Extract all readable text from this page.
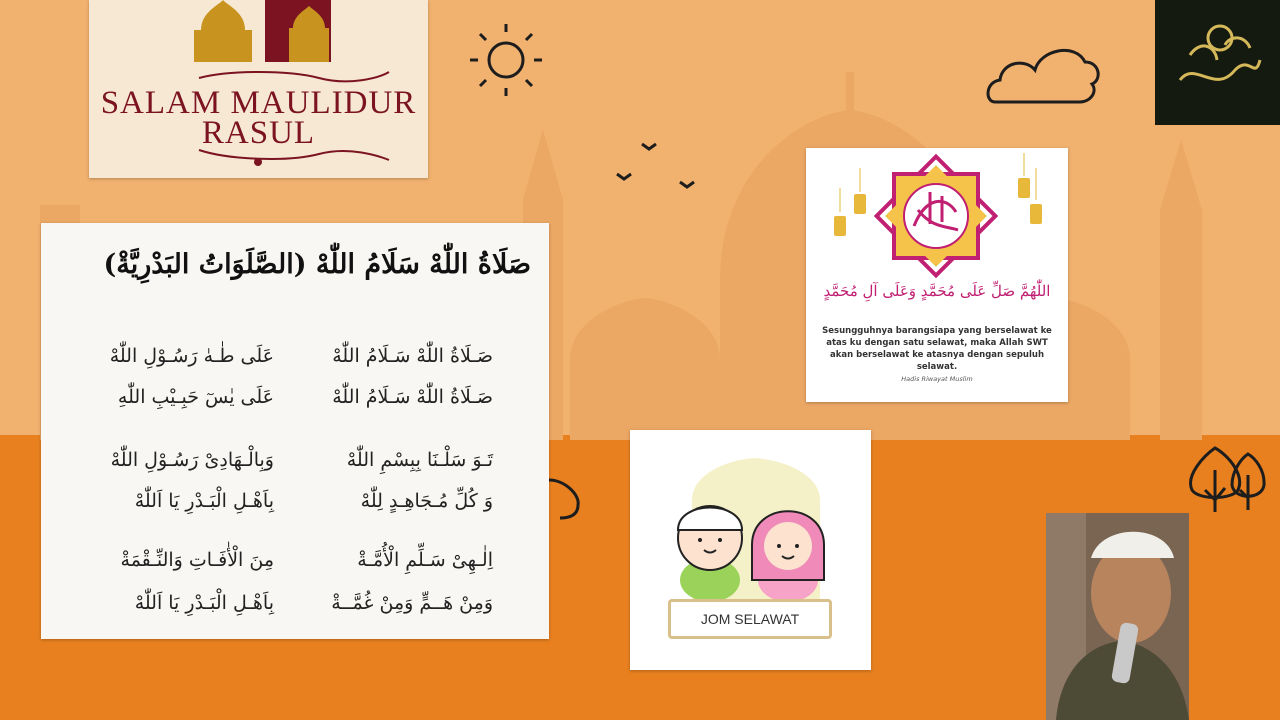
SALAM MAULIDUR
RASUL
صَلَاةُ اللّٰهْ سَلَامُ اللّٰهْ (الصَّلَوَاتُ البَدْرِيَّةْ)
صَـلَاةُ اللّٰهْ سَـلَامُ اللّٰهْ
عَلَى طٰـهٰ رَسُـوْلِ اللّٰهْ
صَـلَاةُ اللّٰهْ سَـلَامُ اللّٰهْ
عَلَى يٰسٓ حَبِـيْبِ اللّٰهِ
تَـوَ سَلْـنَا بِبِسْمِ اللّٰهْ
وَبِالْـهَادِىْ رَسُـوْلِ اللّٰهْ
وَ كُلِّ مُـجَاهِـدٍ لِلّٰهْ
بِاَهْـلِ الْبَـدْرِ يَا اَللّٰهْ
اِلٰـهِىْ سَـلِّمِ الْأُمَّـةْ
مِنَ الْأٰفَـاتِ وَالنِّـقْمَةْ
وَمِنْ هَــمٍّ وَمِنْ غُمَّــةْ
بِاَهْـلِ الْبَـدْرِ يَا اَللّٰهْ
اللّٰهُمَّ صَلِّ عَلَى مُحَمَّدٍ وَعَلَى آلِ مُحَمَّدٍ
Sesungguhnya barangsiapa yang berselawat ke atas ku dengan satu selawat, maka Allah SWT akan berselawat ke atasnya dengan sepuluh selawat.
Hadis Riwayat Muslim
JOM SELAWAT
